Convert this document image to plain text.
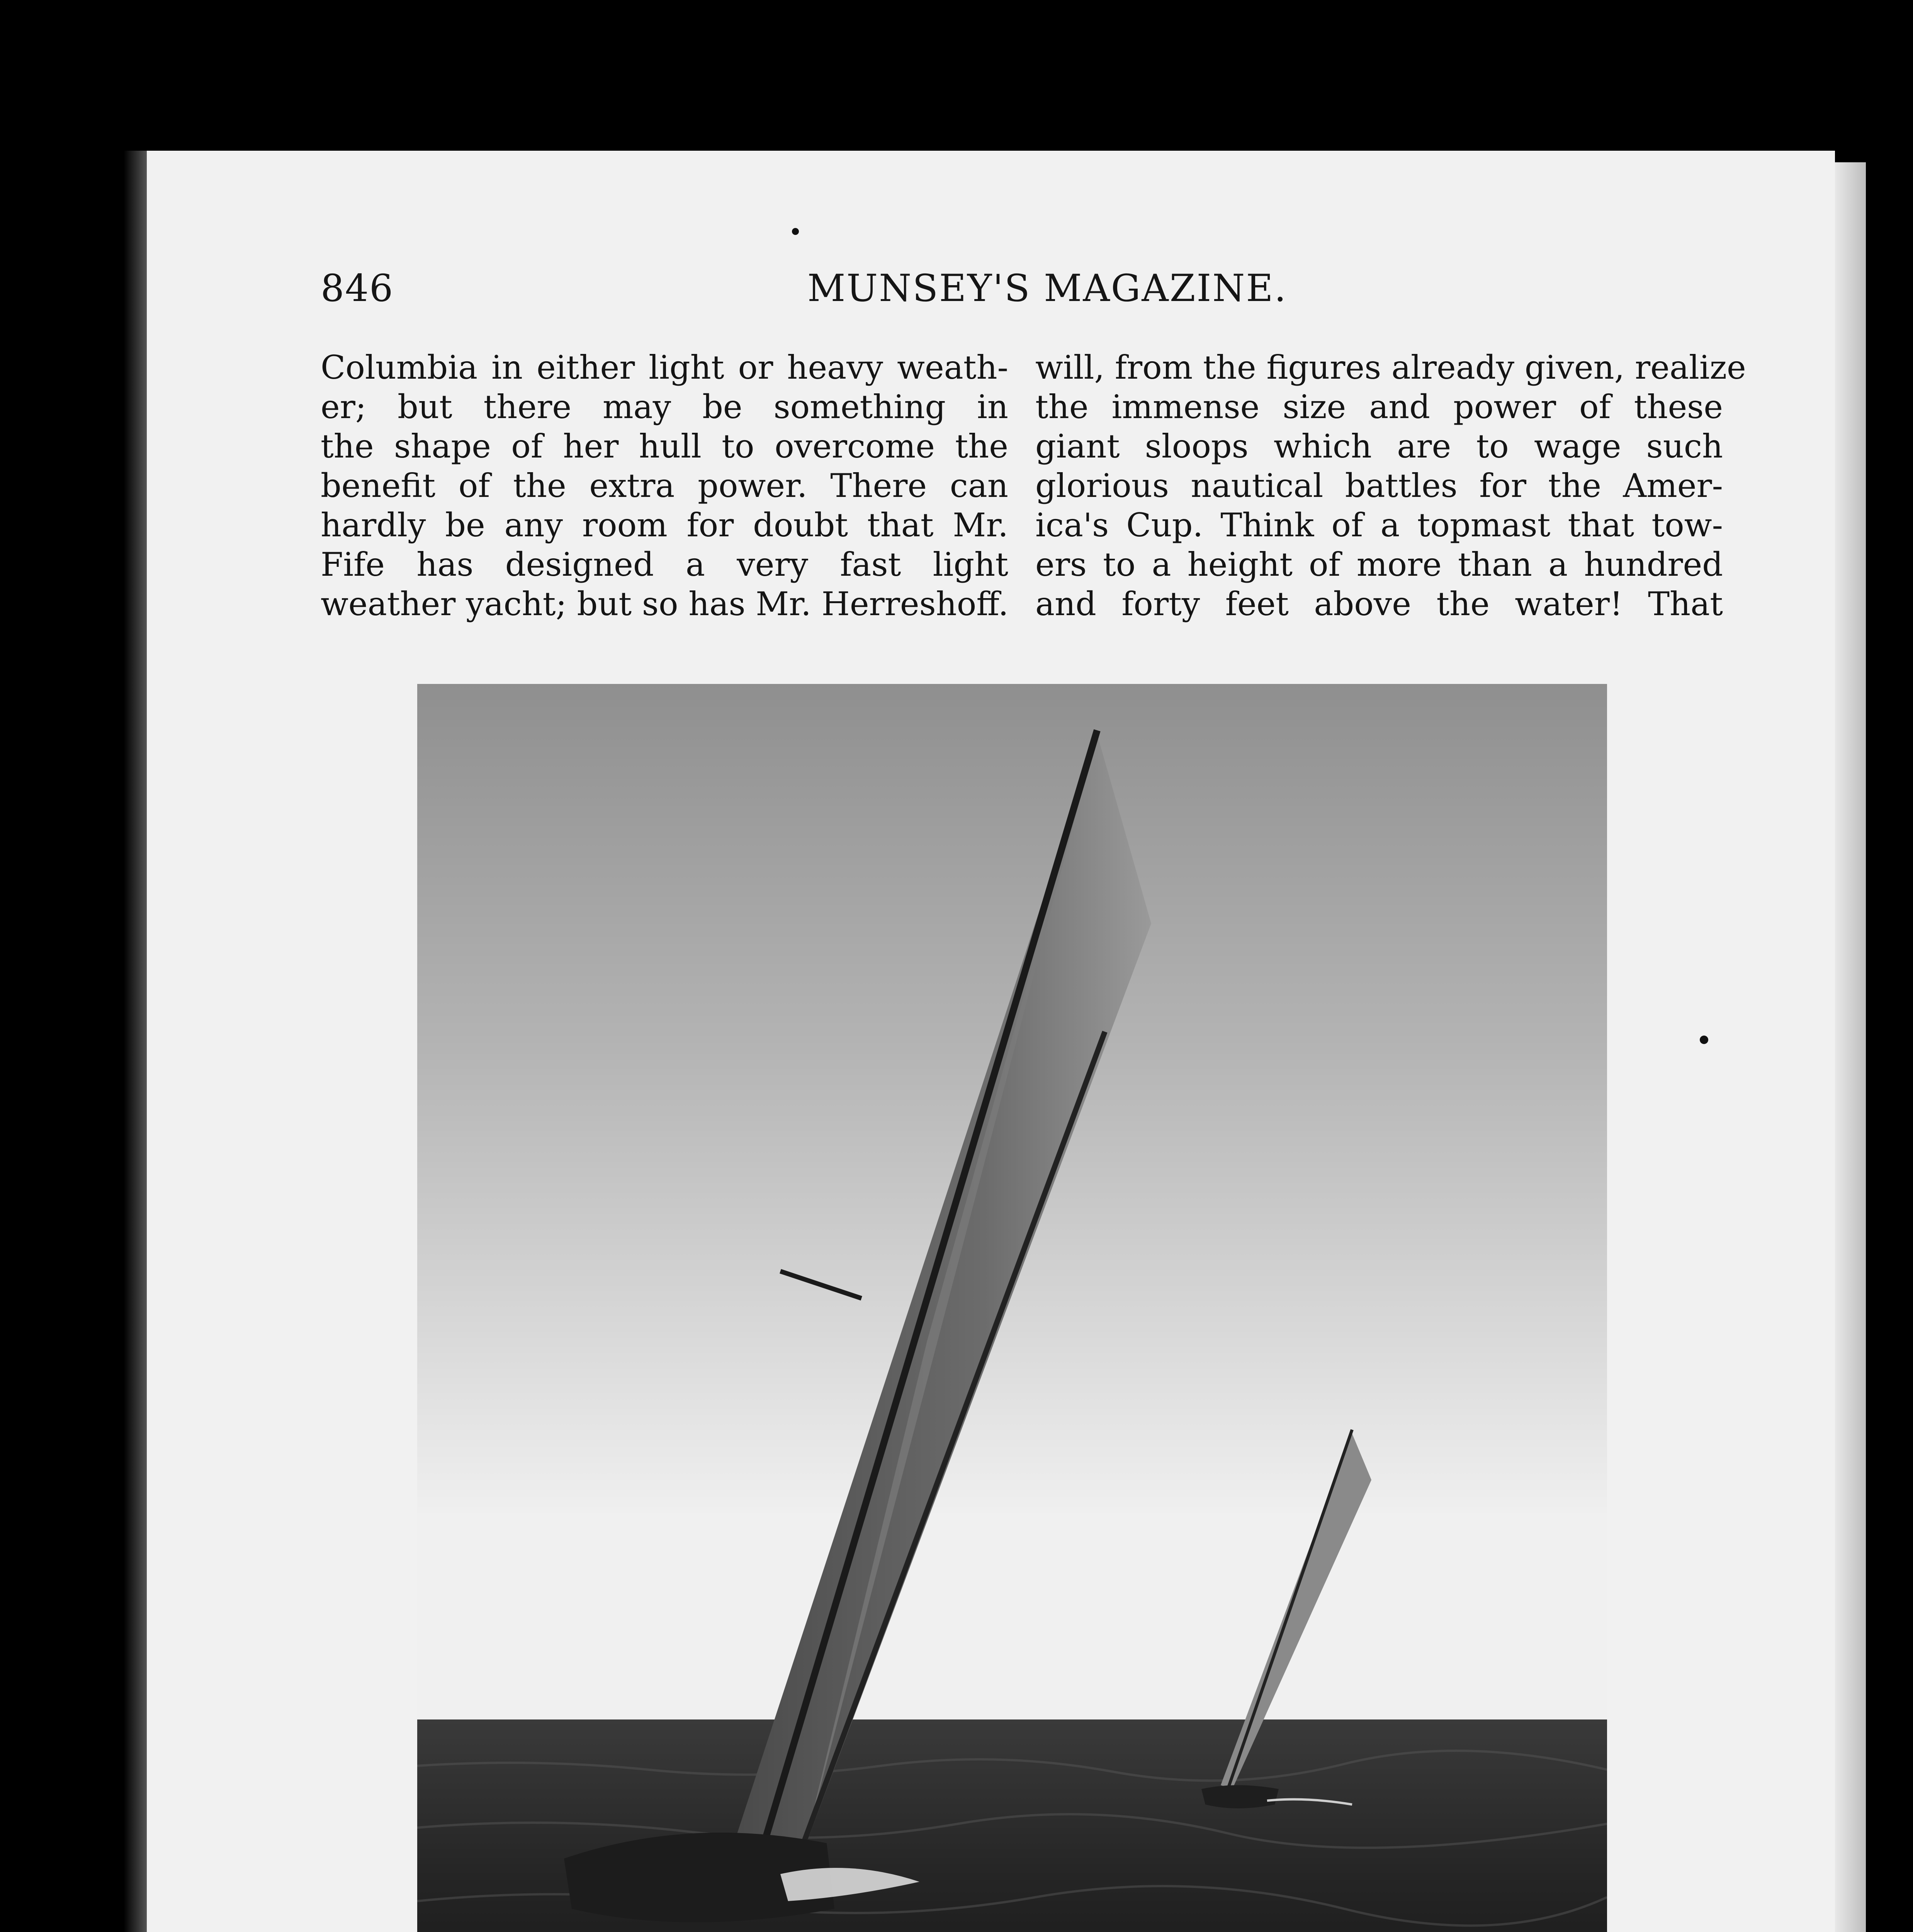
846	MUNSEY'S MAGAZINE.
Columbia in either light or heavy weath-
er; but there may be something in
the shape of her hull to overcome the
benefit of the extra power. There can
hardly be any room for doubt that Mr.
Fife has designed a very fast light
weather yacht; but so has Mr. Herreshoff.
will, from the figures already given, realize
the immense size and power of these
giant sloops which are to wage such
glorious nautical battles for the Amer-
ica's Cup. Think of a topmast that tow-
ers to a height of more than a hundred
and forty feet above the water! That
